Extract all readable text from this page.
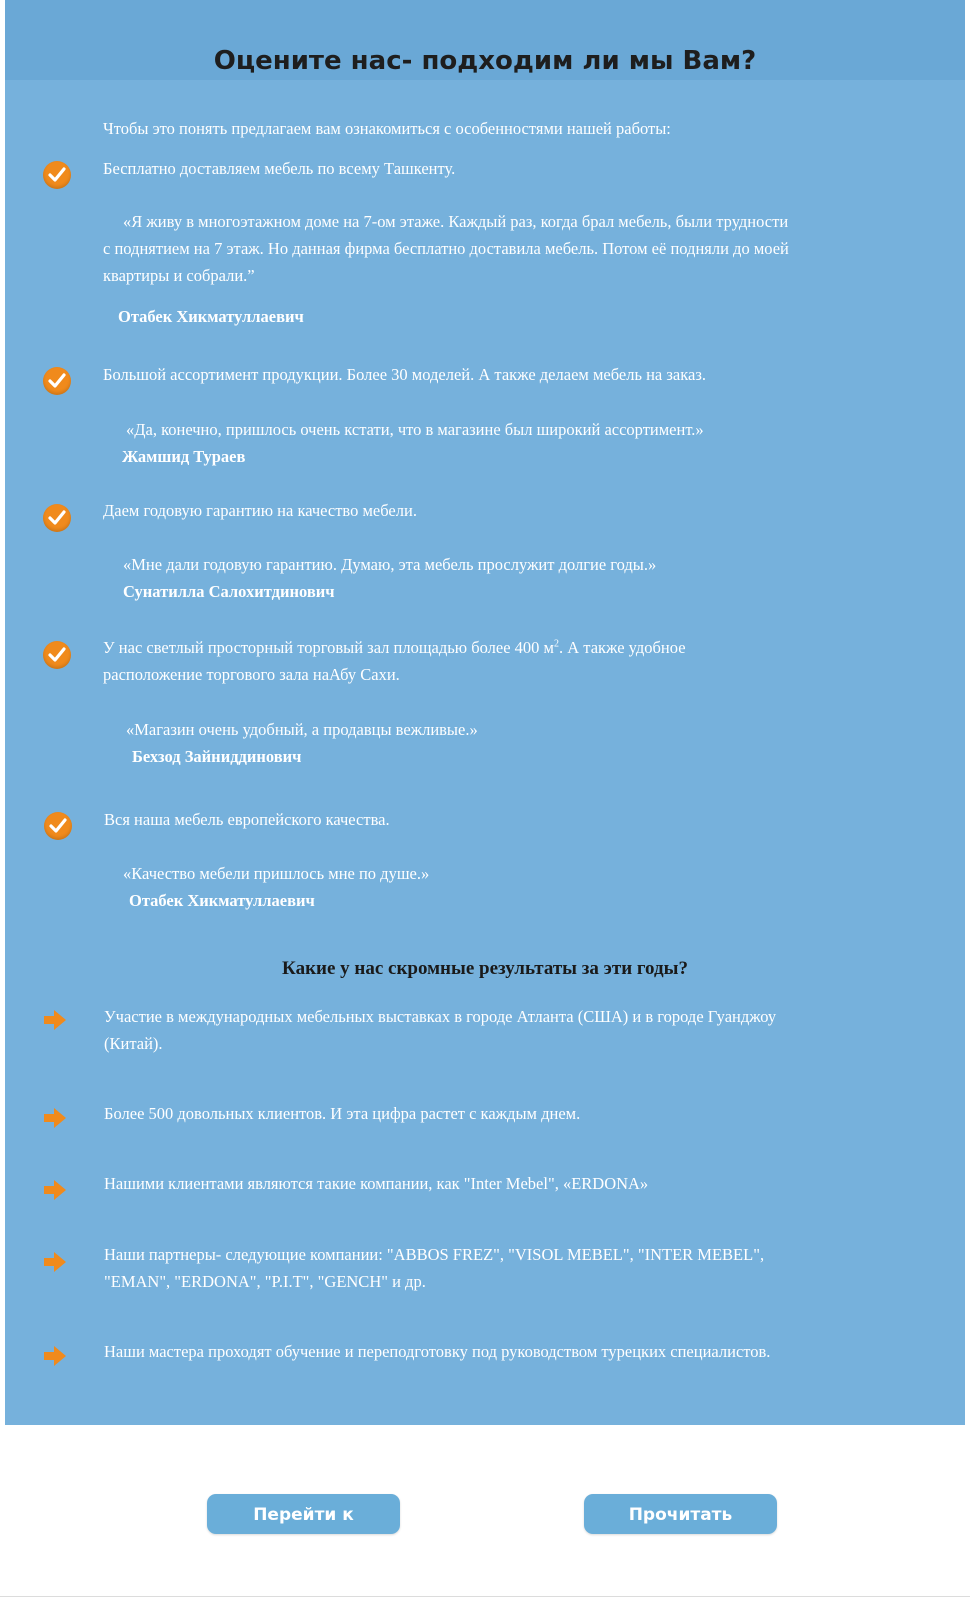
Оцените нас- подходим ли мы Вам?

Чтобы это понять предлагаем вам ознакомиться с особенностями нашей работы:

Бесплатно доставляем мебель по всему Ташкенту.

«Я живу в многоэтажном доме на 7-ом этаже. Каждый раз, когда брал мебель, были трудности

с поднятием на 7 этаж. Но данная фирма бесплатно доставила мебель. Потом её подняли до моей

квартиры и собрали.”

Отабек Хикматуллаевич

Большой ассортимент продукции. Более 30 моделей. А также делаем мебель на заказ.

«Да, конечно, пришлось очень кстати, что в магазине был широкий ассортимент.»

Жамшид Тураев

Даем годовую гарантию на качество мебели.

«Мне дали годовую гарантию. Думаю, эта мебель прослужит долгие годы.»

Сунатилла Салохитдинович

У нас светлый просторный торговый зал площадью более 400 $м^2$. А также удобное

расположение торгового зала наАбу Сахи.

«Магазин очень удобный, а продавцы вежливые.»

Бехзод Зайниддинович

Вся наша мебель европейского качества.

«Качество мебели пришлось мне по душе.»

Отабек Хикматуллаевич

Какие у нас скромные результаты за эти годы?

Участие в международных мебельных выставках в городе Атланта (США) и в городе Гуанджоу

(Китай).

Более 500 довольных клиентов. И эта цифра растет с каждым днем.

Нашими клиентами являются такие компании, как "Inter Mebel", «ERDONA»

Наши партнеры- следующие компании: "ABBOS FREZ", "VISOL MEBEL", "INTER MEBEL",

"EMAN", "ERDONA", "P.I.T", "GENCH" и др.

Наши мастера проходят обучение и переподготовку под руководством турецких специалистов.

Перейти к каталогу
Прочитать отзывы
